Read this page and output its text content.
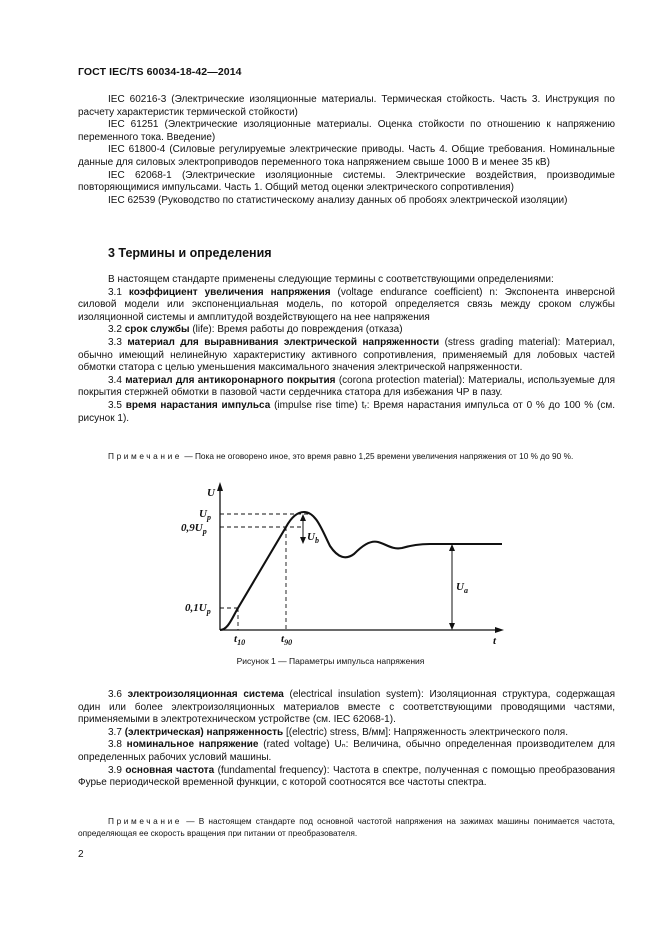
ГОСТ IEC/TS 60034-18-42—2014

IEC 60216-3 (Электрические изоляционные материалы. Термическая стойкость. Часть 3. Инструкция по расчету характеристик термической стойкости)

IEC 61251 (Электрические изоляционные материалы. Оценка стойкости по отношению к напряжению переменного тока. Введение)

IEC 61800-4 (Силовые регулируемые электрические приводы. Часть 4. Общие требования. Номинальные данные для силовых электроприводов переменного тока напряжением свыше 1000 В и менее 35 кВ)

IEC 62068-1 (Электрические изоляционные системы. Электрические воздействия, производимые повторяющимися импульсами. Часть 1. Общий метод оценки электрического сопротивления)

IEC 62539 (Руководство по статистическому анализу данных об пробоях электрической изоляции)

3 Термины и определения

В настоящем стандарте применены следующие термины с соответствующими определениями:

3.1 коэффициент увеличения напряжения (voltage endurance coefficient) n: Экспонента инверсной силовой модели или экспоненциальная модель, по которой определяется связь между сроком службы изоляционной системы и амплитудой воздействующего на нее напряжения

3.2 срок службы (life): Время работы до повреждения (отказа)

3.3 материал для выравнивания электрической напряженности (stress grading material): Материал, обычно имеющий нелинейную характеристику активного сопротивления, применяемый для лобовых частей обмотки статора с целью уменьшения максимального значения электрической напряженности.

3.4 материал для антикоронарного покрытия (corona protection material): Материалы, используемые для покрытия стержней обмотки в пазовой части сердечника статора для избежания ЧР в пазу.

3.5 время нарастания импульса (impulse rise time) tᵣ: Время нарастания импульса от 0 % до 100 % (см. рисунок 1).

Примечание — Пока не оговорено иное, это время равно 1,25 времени увеличения напряжения от 10 % до 90 %.
U
t
$U_p$
$0,9U_p$
$0,1U_p$
$t_{10}$	$t_{90}$
$U_b$
$U_a$
Рисунок 1 — Параметры импульса напряжения

3.6 электроизоляционная система (electrical insulation system): Изоляционная структура, содержащая один или более электроизоляционных материалов вместе с соответствующими проводящими частями, применяемыми в электротехническом устройстве (см. IEC 62068-1).

3.7 (электрическая) напряженность [(electric) stress, В/мм]: Напряженность электрического поля.

3.8 номинальное напряжение (rated voltage) Uₙ: Величина, обычно определенная производителем для определенных рабочих условий машины.

3.9 основная частота (fundamental frequency): Частота в спектре, полученная с помощью преобразования Фурье периодической временной функции, с которой соотносятся все частоты спектра.

Примечание — В настоящем стандарте под основной частотой напряжения на зажимах машины понимается частота, определяющая ее скорость вращения при питании от преобразователя.
2
